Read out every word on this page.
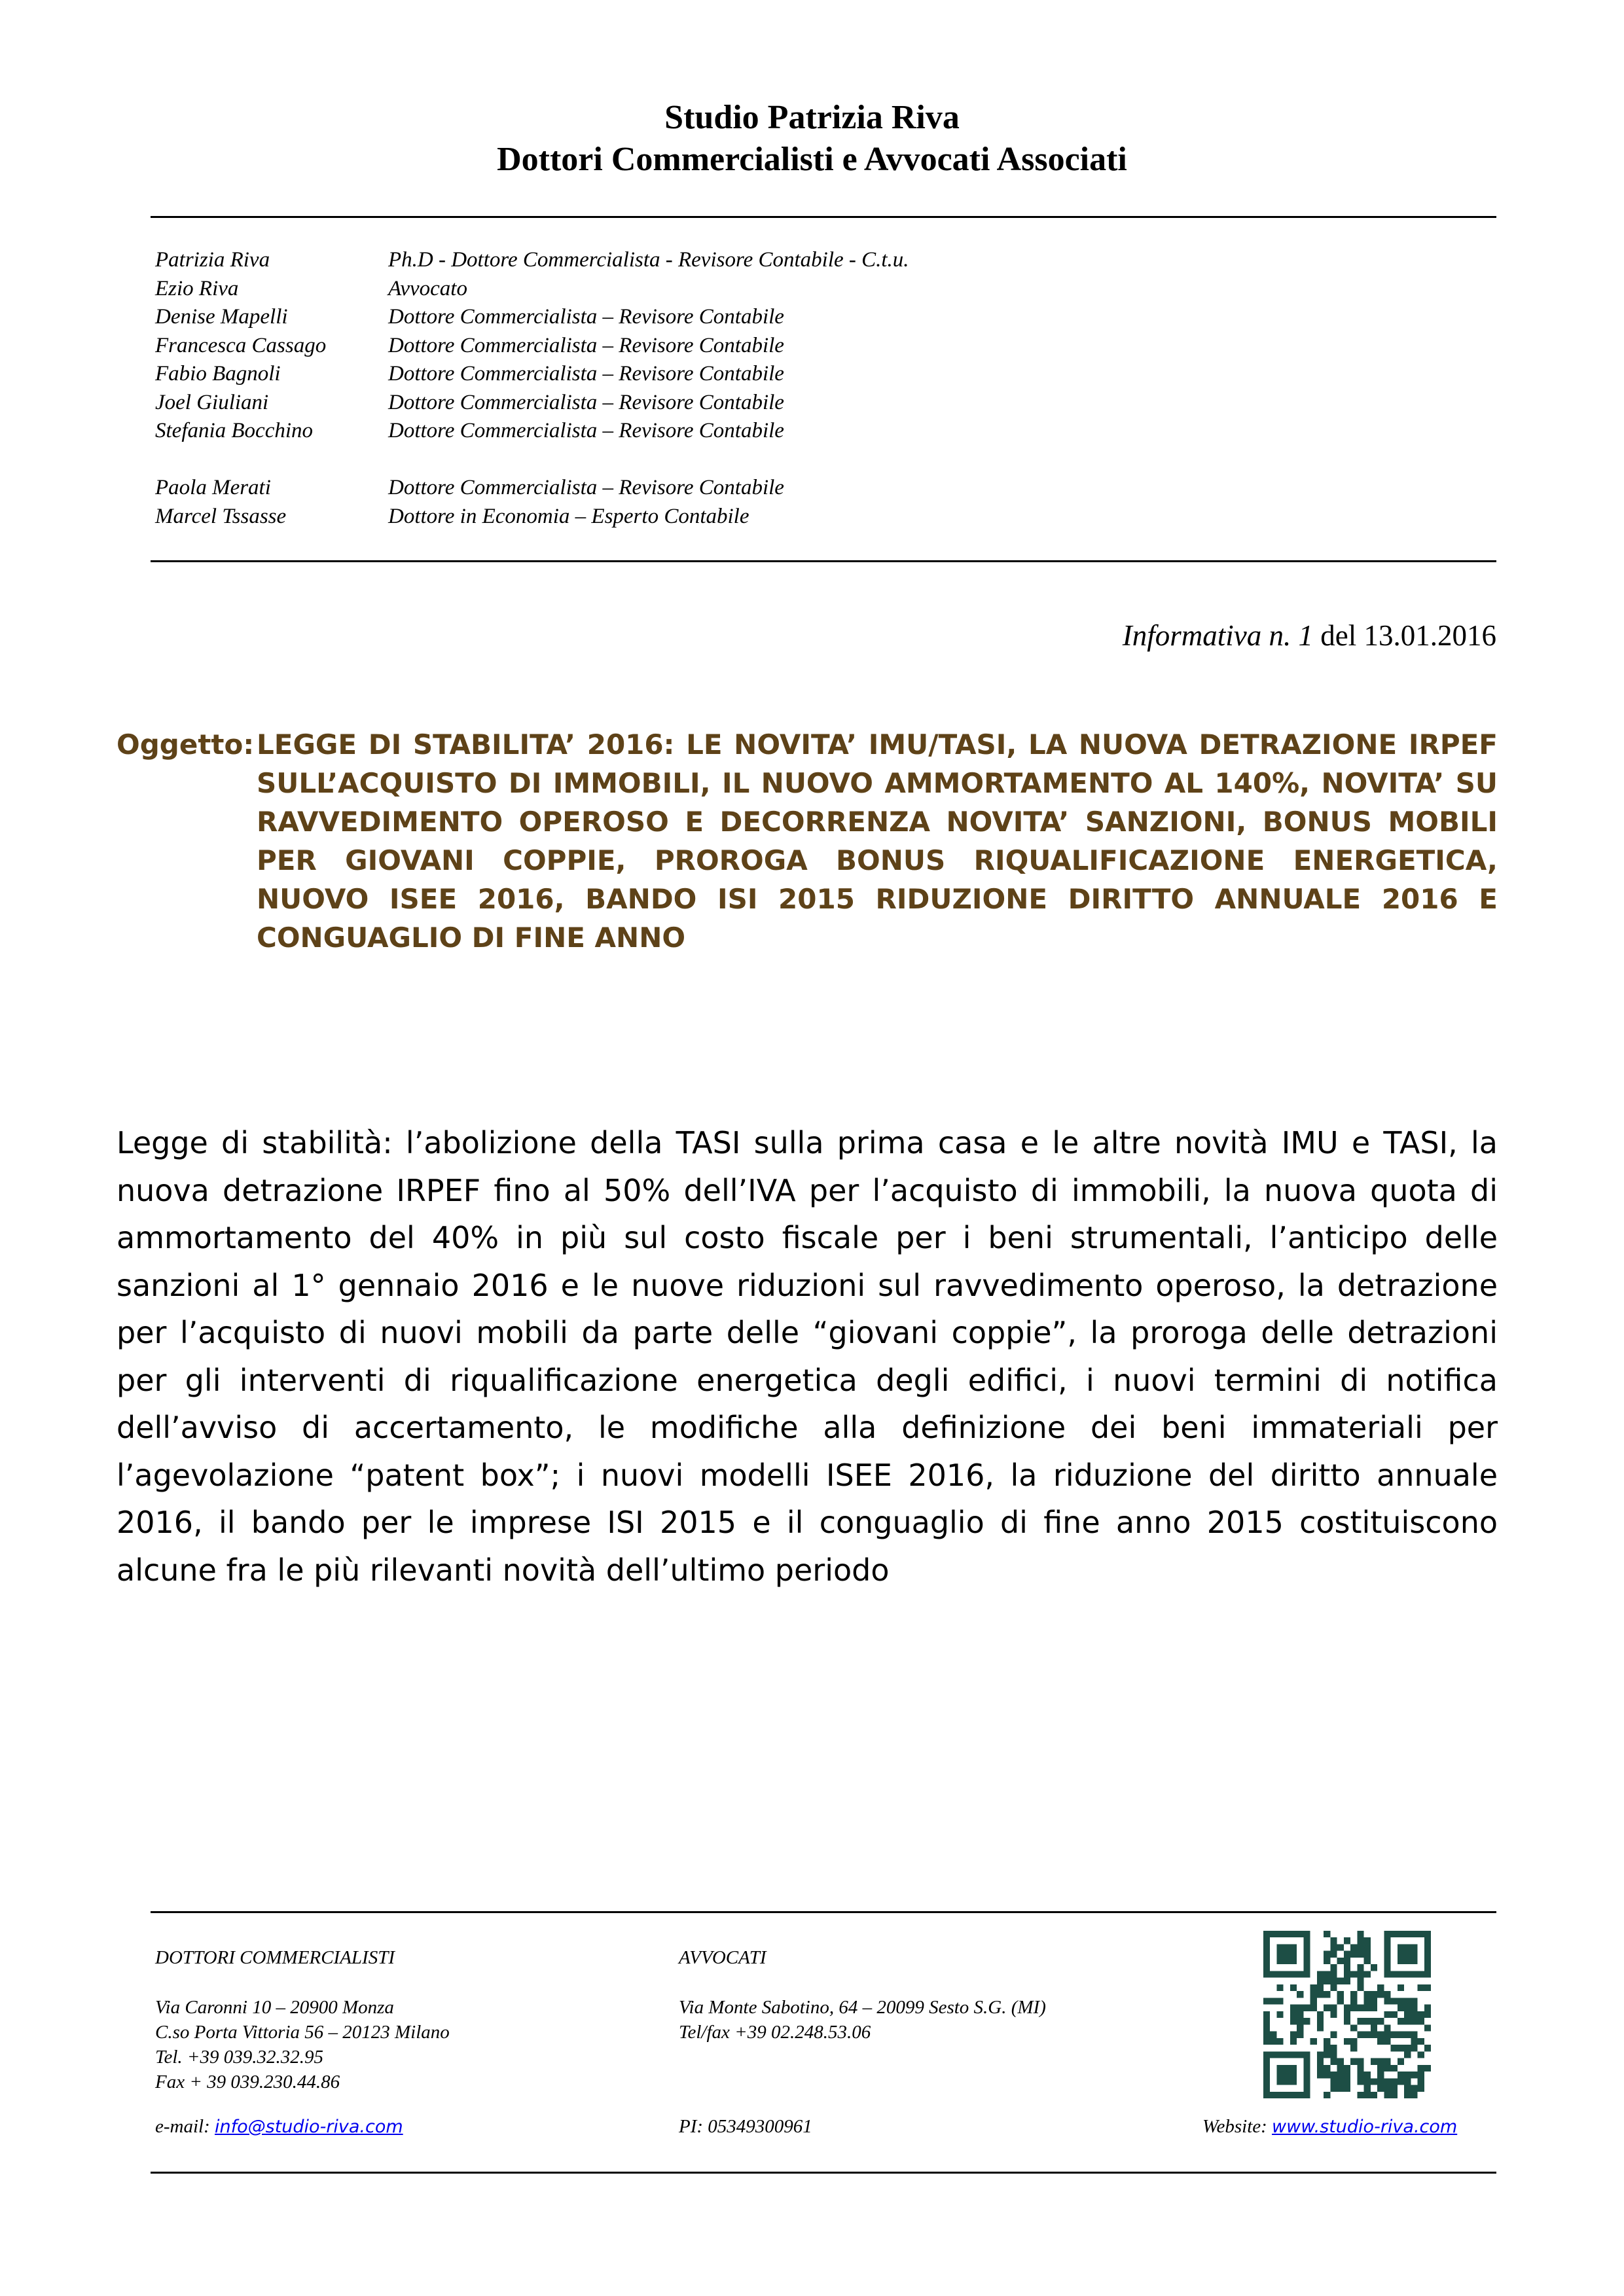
Studio Patrizia Riva
Dottori Commercialisti e Avvocati Associati
Patrizia Riva	Ph.D - Dottore Commercialista - Revisore Contabile - C.t.u.
Ezio Riva	Avvocato
Denise Mapelli	Dottore Commercialista – Revisore Contabile
Francesca Cassago	Dottore Commercialista – Revisore Contabile
Fabio Bagnoli	Dottore Commercialista – Revisore Contabile
Joel Giuliani	Dottore Commercialista – Revisore Contabile
Stefania Bocchino	Dottore Commercialista – Revisore Contabile
Paola Merati	Dottore Commercialista – Revisore Contabile
Marcel Tssasse	Dottore in Economia – Esperto Contabile
Informativa n. 1 del 13.01.2016
Oggetto: LEGGE DI STABILITA’ 2016: LE NOVITA’ IMU/TASI, LA NUOVA DETRAZIONE IRPEF SULL’ACQUISTO DI IMMOBILI, IL NUOVO AMMORTAMENTO AL 140%, NOVITA’ SU RAVVEDIMENTO OPEROSO E DECORRENZA NOVITA’ SANZIONI, BONUS MOBILI PER GIOVANI COPPIE, PROROGA BONUS RIQUALIFICAZIONE ENERGETICA, NUOVO ISEE 2016, BANDO ISI 2015 RIDUZIONE DIRITTO ANNUALE 2016 E CONGUAGLIO DI FINE ANNO
Legge di stabilità: l’abolizione della TASI sulla prima casa e le altre novità IMU e TASI, la nuova detrazione IRPEF fino al 50% dell’IVA per l’acquisto di immobili, la nuova quota di ammortamento del 40% in più sul costo fiscale per i beni strumentali, l’anticipo delle sanzioni al 1° gennaio 2016 e le nuove riduzioni sul ravvedimento operoso, la detrazione per l’acquisto di nuovi mobili da parte delle “giovani coppie”, la proroga delle detrazioni per gli interventi di riqualificazione energetica degli edifici, i nuovi termini di notifica dell’avviso di accertamento, le modifiche alla definizione dei beni immateriali per l’agevolazione “patent box”; i nuovi modelli ISEE 2016, la riduzione del diritto annuale 2016, il bando per le imprese ISI 2015 e il conguaglio di fine anno 2015 costituiscono alcune fra le più rilevanti novità dell’ultimo periodo
DOTTORI COMMERCIALISTI
Via Caronni 10 – 20900 Monza
C.so Porta Vittoria 56 – 20123 Milano
Tel. +39 039.32.32.95
Fax + 39 039.230.44.86
AVVOCATI
Via Monte Sabotino, 64 – 20099 Sesto S.G. (MI)
Tel/fax +39 02.248.53.06
e-mail: info@studio-riva.com	PI: 05349300961	Website: www.studio-riva.com
